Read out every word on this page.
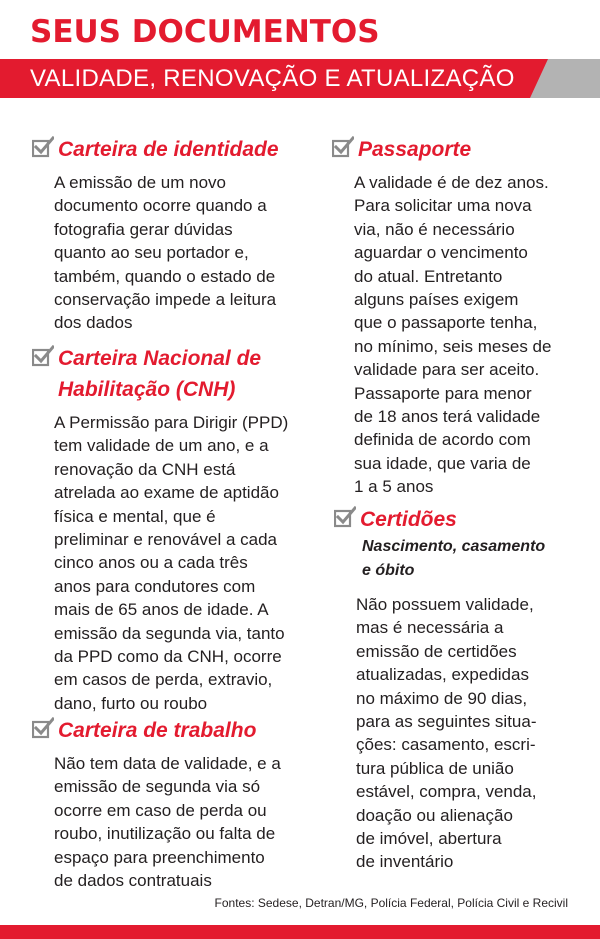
SEUS DOCUMENTOS
VALIDADE, RENOVAÇÃO E ATUALIZAÇÃO
Carteira de identidade
A emissão de um novo
documento ocorre quando a
fotografia gerar dúvidas
quanto ao seu portador e,
também, quando o estado de
conservação impede a leitura
dos dados
Carteira Nacional de
Habilitação (CNH)
A Permissão para Dirigir (PPD)
tem validade de um ano, e a
renovação da CNH está
atrelada ao exame de aptidão
física e mental, que é
preliminar e renovável a cada
cinco anos ou a cada três
anos para condutores com
mais de 65 anos de idade. A
emissão da segunda via, tanto
da PPD como da CNH, ocorre
em casos de perda, extravio,
dano, furto ou roubo
Carteira de trabalho
Não tem data de validade, e a
emissão de segunda via só
ocorre em caso de perda ou
roubo, inutilização ou falta de
espaço para preenchimento
de dados contratuais
Passaporte
A validade é de dez anos.
Para solicitar uma nova
via, não é necessário
aguardar o vencimento
do atual. Entretanto
alguns países exigem
que o passaporte tenha,
no mínimo, seis meses de
validade para ser aceito.
Passaporte para menor
de 18 anos terá validade
definida de acordo com
sua idade, que varia de
1 a 5 anos
Certidões
Nascimento, casamento
e óbito
Não possuem validade,
mas é necessária a
emissão de certidões
atualizadas, expedidas
no máximo de 90 dias,
para as seguintes situa-
ções: casamento, escri-
tura pública de união
estável, compra, venda,
doação ou alienação
de imóvel, abertura
de inventário
Fontes: Sedese, Detran/MG, Polícia Federal, Polícia Civil e Recivil
